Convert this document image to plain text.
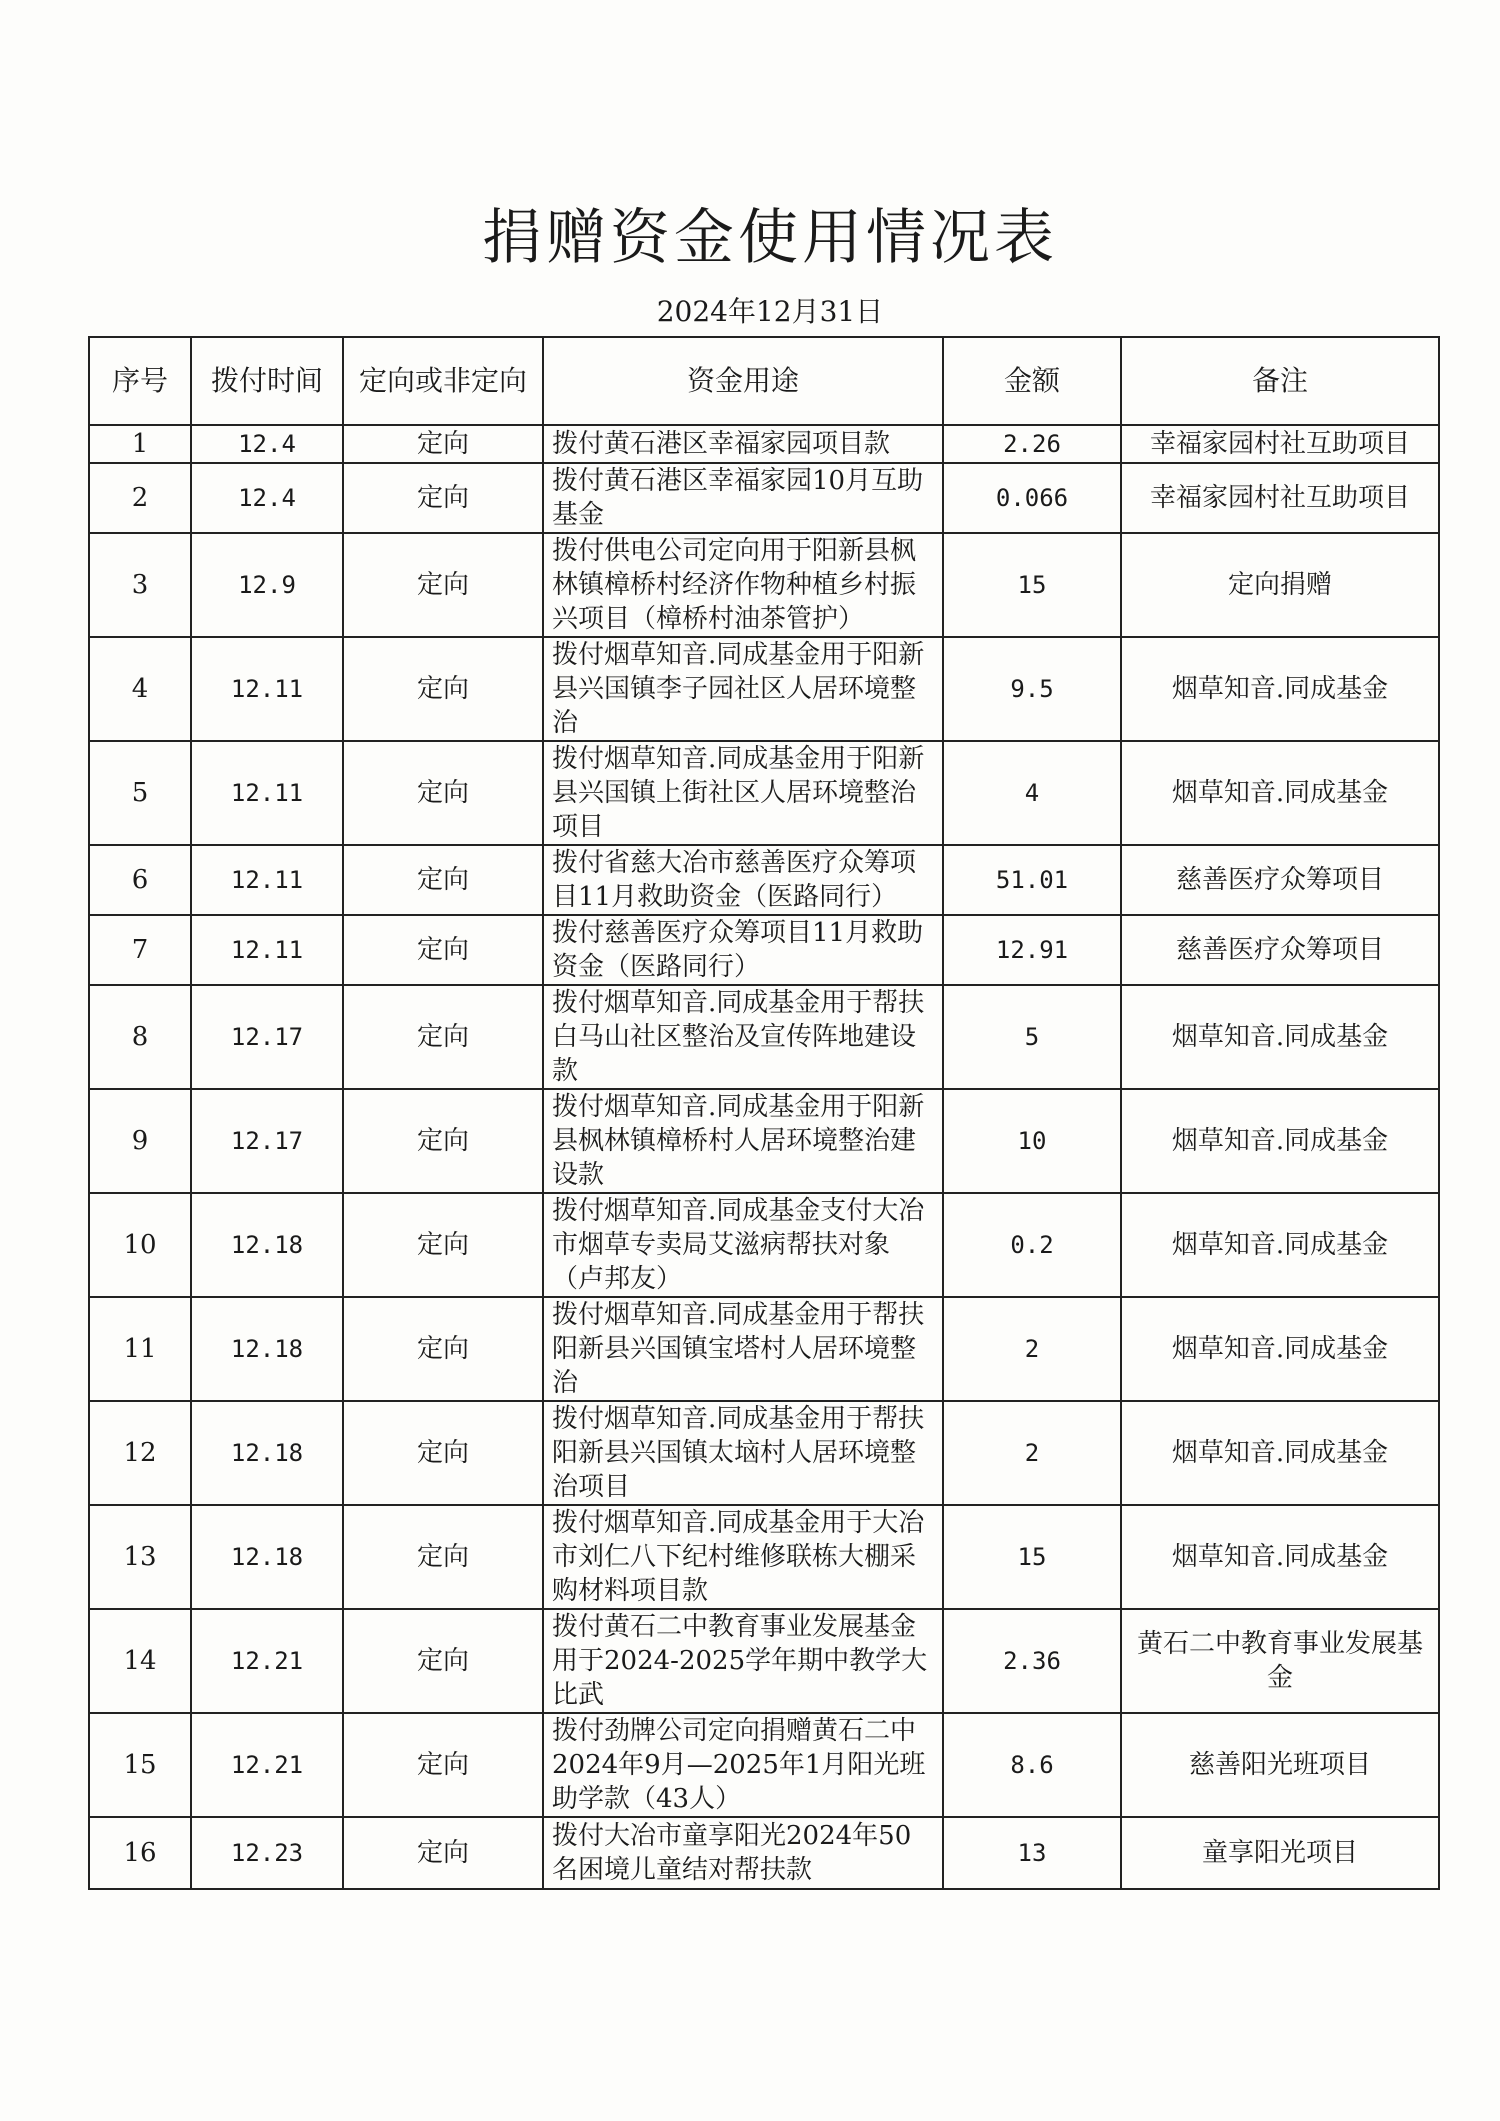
捐赠资金使用情况表
2024年12月31日
序号	拨付时间	定向或非定向	资金用途	金额	备注
1	12.4	定向	拨付黄石港区幸福家园项目款	2.26	幸福家园村社互助项目
2	12.4	定向	拨付黄石港区幸福家园10月互助基金	0.066	幸福家园村社互助项目
3	12.9	定向	拨付供电公司定向用于阳新县枫林镇樟桥村经济作物种植乡村振兴项目（樟桥村油茶管护）	15	定向捐赠
4	12.11	定向	拨付烟草知音.同成基金用于阳新县兴国镇李子园社区人居环境整治	9.5	烟草知音.同成基金
5	12.11	定向	拨付烟草知音.同成基金用于阳新县兴国镇上街社区人居环境整治项目	4	烟草知音.同成基金
6	12.11	定向	拨付省慈大冶市慈善医疗众筹项目11月救助资金（医路同行）	51.01	慈善医疗众筹项目
7	12.11	定向	拨付慈善医疗众筹项目11月救助资金（医路同行）	12.91	慈善医疗众筹项目
8	12.17	定向	拨付烟草知音.同成基金用于帮扶白马山社区整治及宣传阵地建设款	5	烟草知音.同成基金
9	12.17	定向	拨付烟草知音.同成基金用于阳新县枫林镇樟桥村人居环境整治建设款	10	烟草知音.同成基金
10	12.18	定向	拨付烟草知音.同成基金支付大冶市烟草专卖局艾滋病帮扶对象（卢邦友）	0.2	烟草知音.同成基金
11	12.18	定向	拨付烟草知音.同成基金用于帮扶阳新县兴国镇宝塔村人居环境整治	2	烟草知音.同成基金
12	12.18	定向	拨付烟草知音.同成基金用于帮扶阳新县兴国镇太垴村人居环境整治项目	2	烟草知音.同成基金
13	12.18	定向	拨付烟草知音.同成基金用于大冶市刘仁八下纪村维修联栋大棚采购材料项目款	15	烟草知音.同成基金
14	12.21	定向	拨付黄石二中教育事业发展基金用于2024-2025学年期中教学大比武	2.36	黄石二中教育事业发展基金
15	12.21	定向	拨付劲牌公司定向捐赠黄石二中2024年9月—2025年1月阳光班助学款（43人）	8.6	慈善阳光班项目
16	12.23	定向	拨付大冶市童享阳光2024年50名困境儿童结对帮扶款	13	童享阳光项目
